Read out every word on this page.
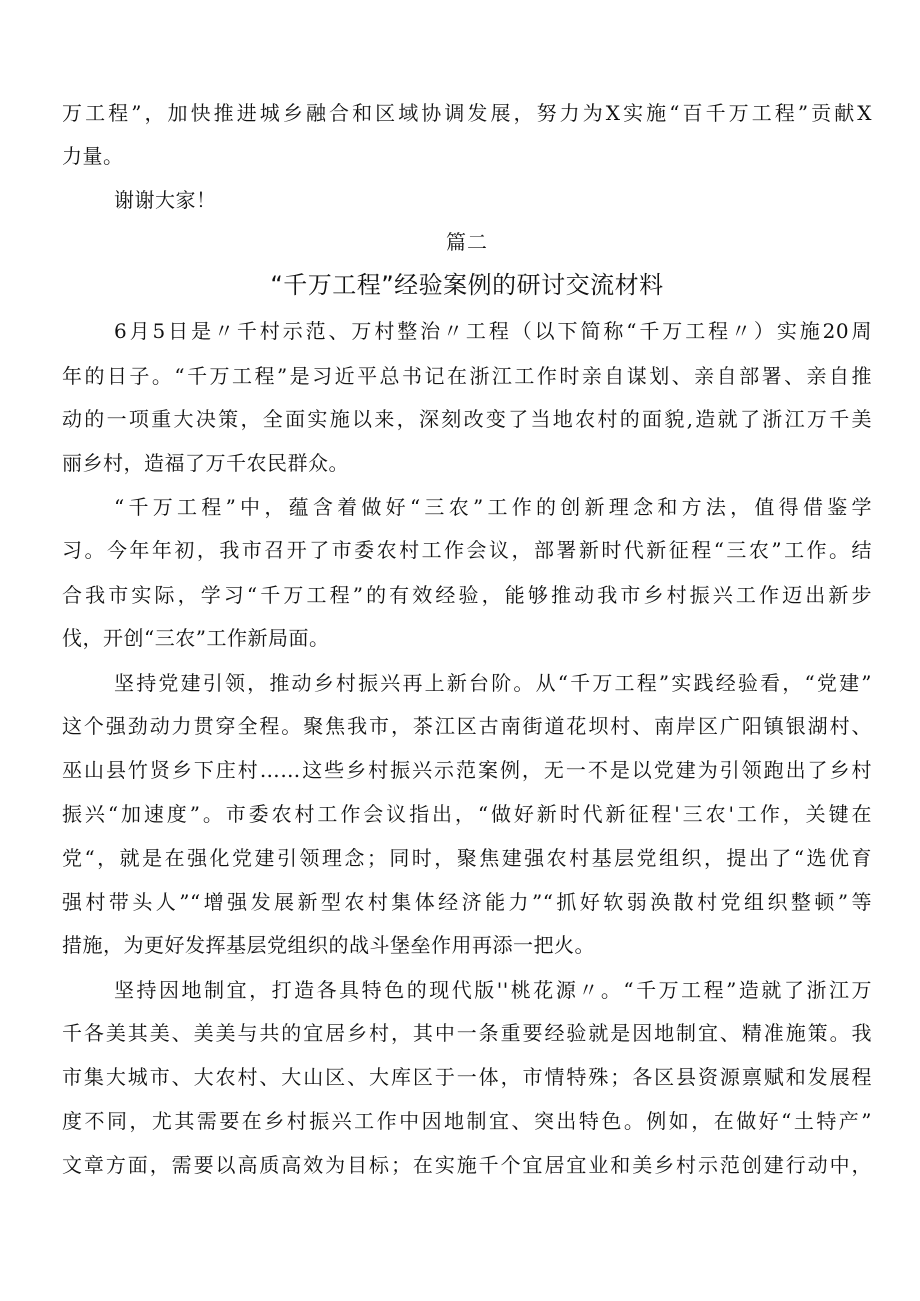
万工程”，加快推进城乡融合和区域协调发展，努力为X实施“百千万工程”贡献X
力量。
谢谢大家！
篇二
“千万工程”经验案例的研讨交流材料
6月5日是〃千村示范、万村整治〃工程（以下简称“千万工程〃）实施20周
年的日子。“千万工程”是习近平总书记在浙江工作时亲自谋划、亲自部署、亲自推
动的一项重大决策，全面实施以来，深刻改变了当地农村的面貌,造就了浙江万千美
丽乡村，造福了万千农民群众。
“千万工程”中，蕴含着做好“三农”工作的创新理念和方法，值得借鉴学
习。今年年初，我市召开了市委农村工作会议，部署新时代新征程“三农”工作。结
合我市实际，学习“千万工程”的有效经验，能够推动我市乡村振兴工作迈出新步
伐，开创“三农”工作新局面。
坚持党建引领，推动乡村振兴再上新台阶。从“千万工程”实践经验看，“党建”
这个强劲动力贯穿全程。聚焦我市，茶江区古南街道花坝村、南岸区广阳镇银湖村、
巫山县竹贤乡下庄村……这些乡村振兴示范案例，无一不是以党建为引领跑出了乡村
振兴“加速度”。市委农村工作会议指出，“做好新时代新征程'三农'工作，关键在
党“，就是在强化党建引领理念；同时，聚焦建强农村基层党组织，提出了“选优育
强村带头人”“增强发展新型农村集体经济能力”“抓好软弱涣散村党组织整顿”等
措施，为更好发挥基层党组织的战斗堡垒作用再添一把火。
坚持因地制宜，打造各具特色的现代版''桃花源〃。“千万工程”造就了浙江万
千各美其美、美美与共的宜居乡村，其中一条重要经验就是因地制宜、精准施策。我
市集大城市、大农村、大山区、大库区于一体，市情特殊；各区县资源禀赋和发展程
度不同，尤其需要在乡村振兴工作中因地制宜、突出特色。例如，在做好“土特产”
文章方面，需要以高质高效为目标；在实施千个宜居宜业和美乡村示范创建行动中，
